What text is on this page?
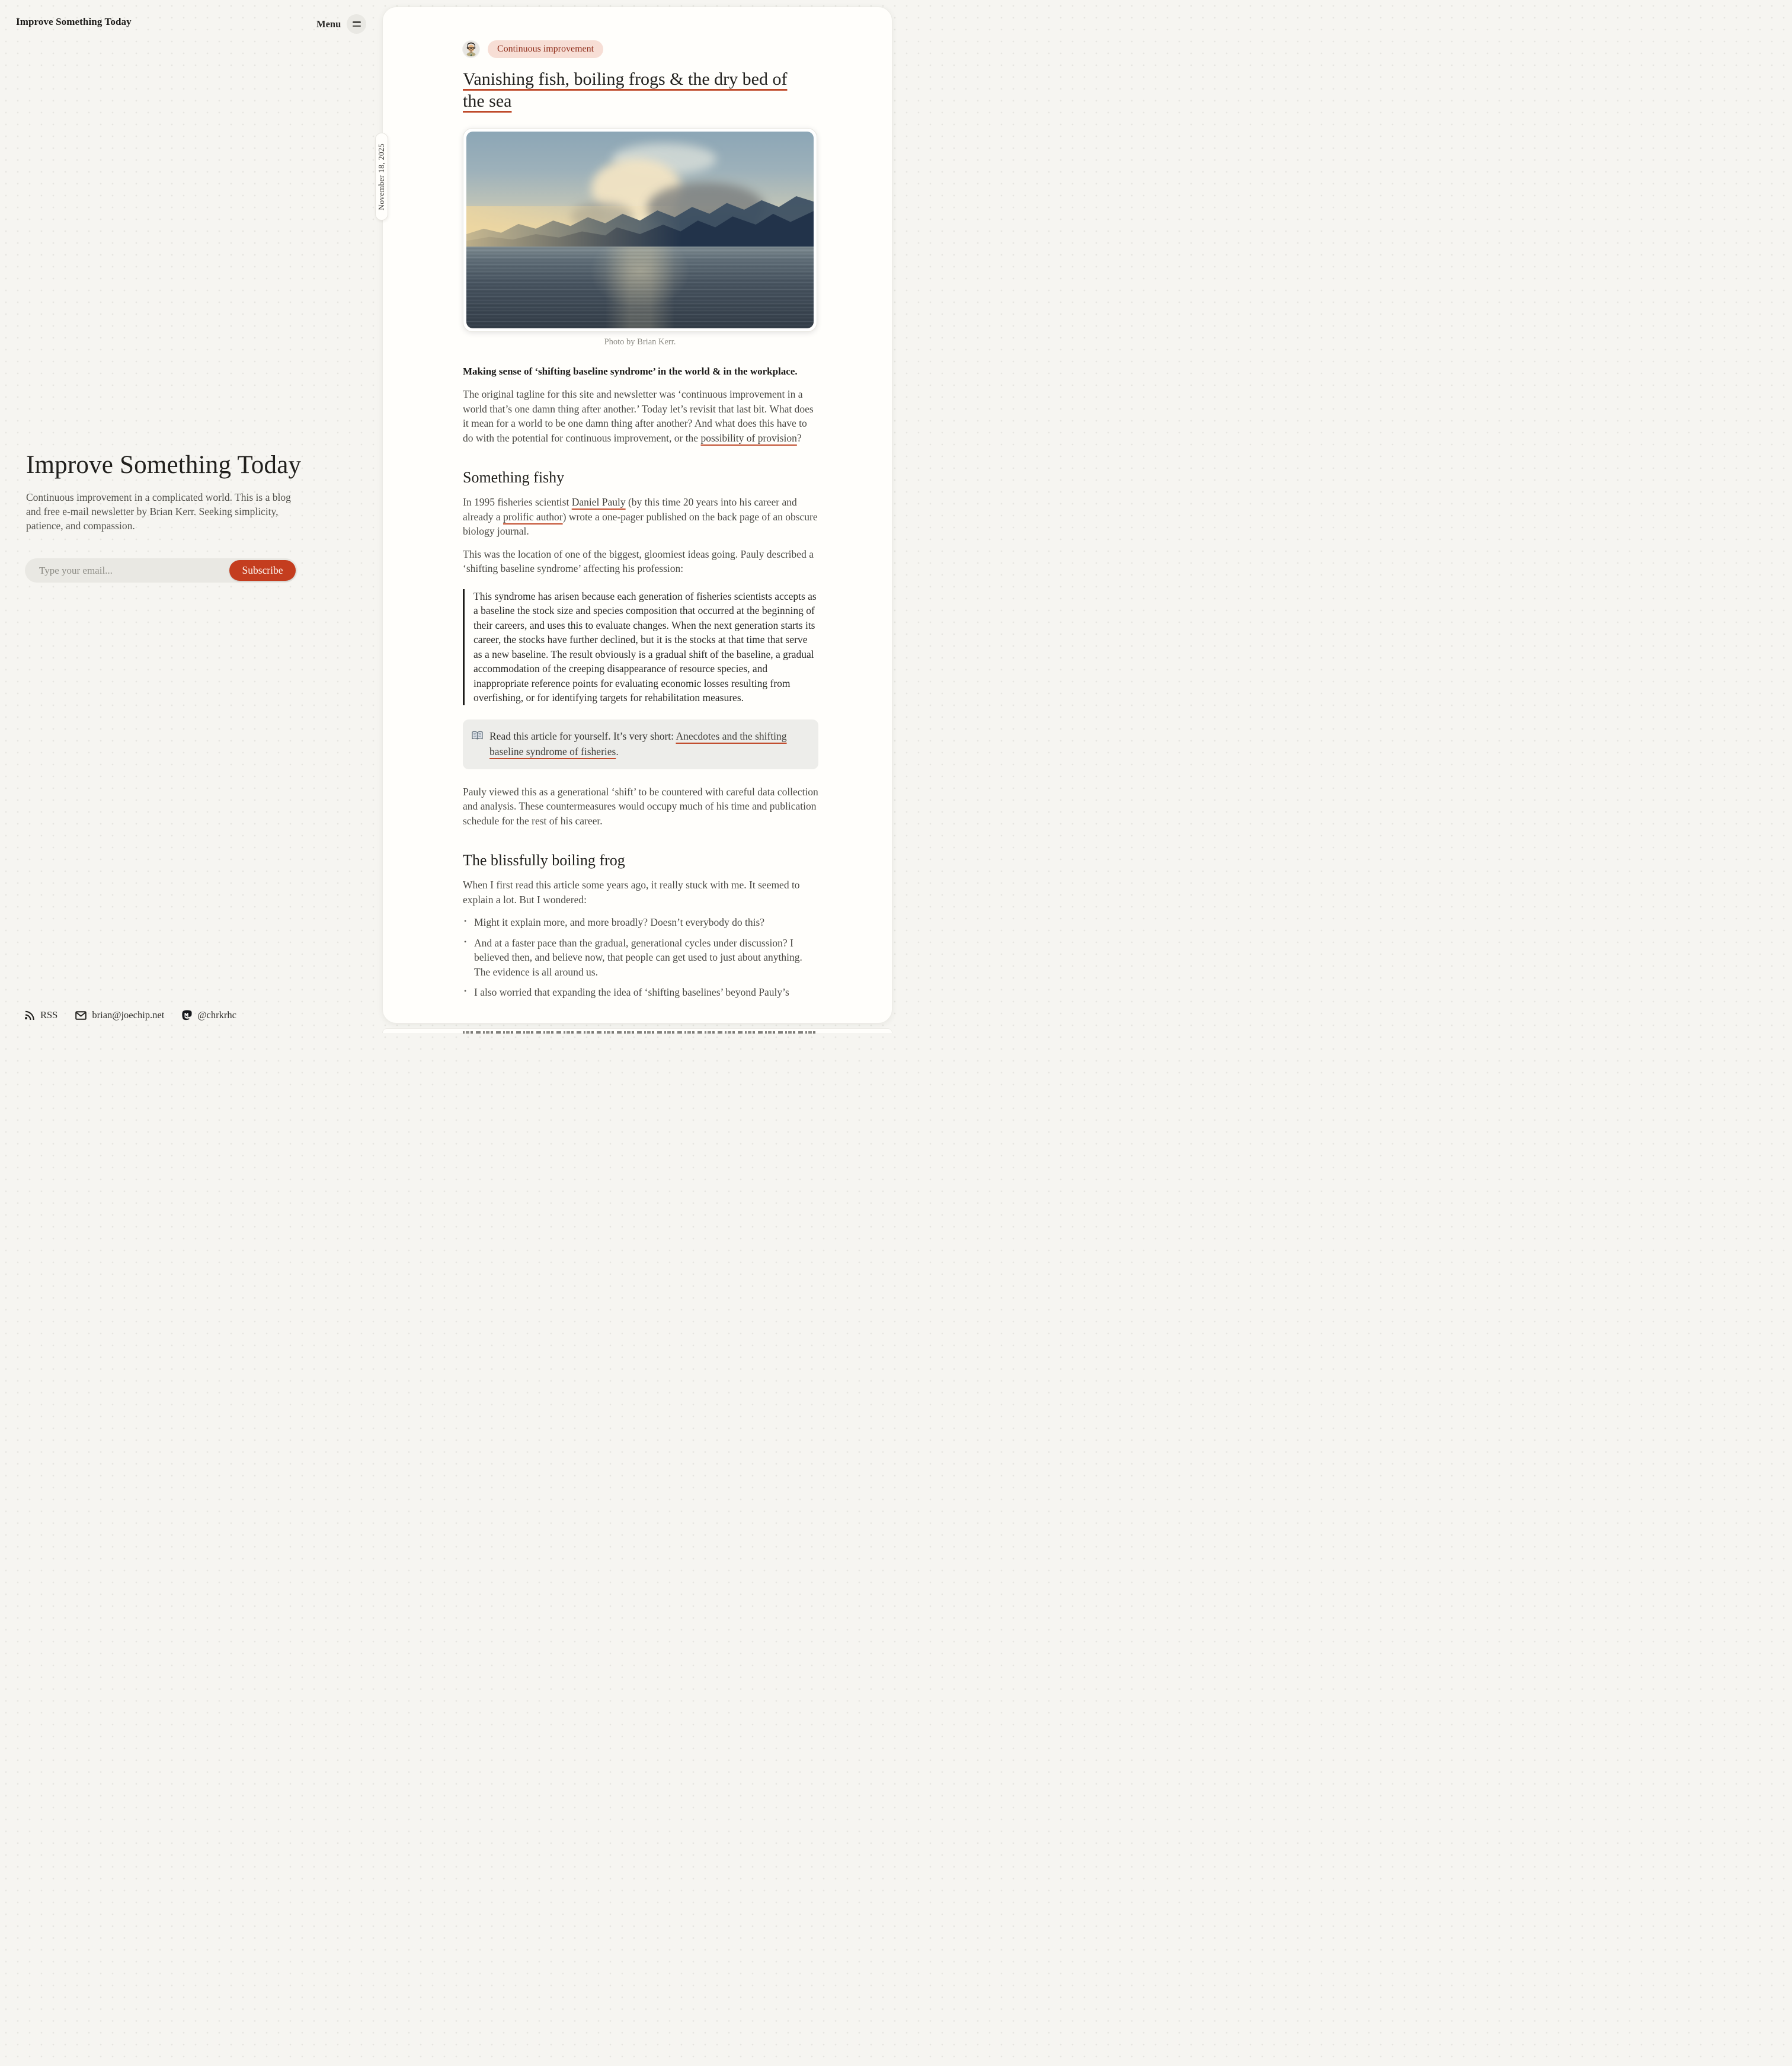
Improve Something Today	Menu
Improve Something Today

Continuous improvement in a complicated world. This is a blog and free e-mail newsletter by Brian Kerr. Seeking simplicity, patience, and compassion.

Type your email...
Subscribe
RSS	brian@joechip.net	@chrkrhc
November 18, 2025
Continuous improvement
Vanishing fish, boiling frogs & the dry bed of the sea
Photo by Brian Kerr.

Making sense of ‘shifting baseline syndrome’ in the world & in the workplace.

The original tagline for this site and newsletter was ‘continuous improvement in a world that’s one damn thing after another.’ Today let’s revisit that last bit. What does it mean for a world to be one damn thing after another? And what does this have to do with the potential for continuous improvement, or the possibility of provision?

Something fishy

In 1995 fisheries scientist Daniel Pauly (by this time 20 years into his career and already a prolific author) wrote a one-pager published on the back page of an obscure biology journal.

This was the location of one of the biggest, gloomiest ideas going. Pauly described a ‘shifting baseline syndrome’ affecting his profession:

This syndrome has arisen because each generation of fisheries scientists accepts as a baseline the stock size and species composition that occurred at the beginning of their careers, and uses this to evaluate changes. When the next generation starts its career, the stocks have further declined, but it is the stocks at that time that serve as a new baseline. The result obviously is a gradual shift of the baseline, a gradual accommodation of the creeping disappearance of resource species, and inappropriate reference points for evaluating economic losses resulting from overfishing, or for identifying targets for rehabilitation measures.
Read this article for yourself. It’s very short: Anecdotes and the shifting baseline syndrome of fisheries.

Pauly viewed this as a generational ‘shift’ to be countered with careful data collection and analysis. These countermeasures would occupy much of his time and publication schedule for the rest of his career.

The blissfully boiling frog

When I first read this article some years ago, it really stuck with me. It seemed to explain a lot. But I wondered:

• Might it explain more, and more broadly? Doesn’t everybody do this?
• And at a faster pace than the gradual, generational cycles under discussion? I believed then, and believe now, that people can get used to just about anything. The evidence is all around us.
• I also worried that expanding the idea of ‘shifting baselines’ beyond Pauly’s
